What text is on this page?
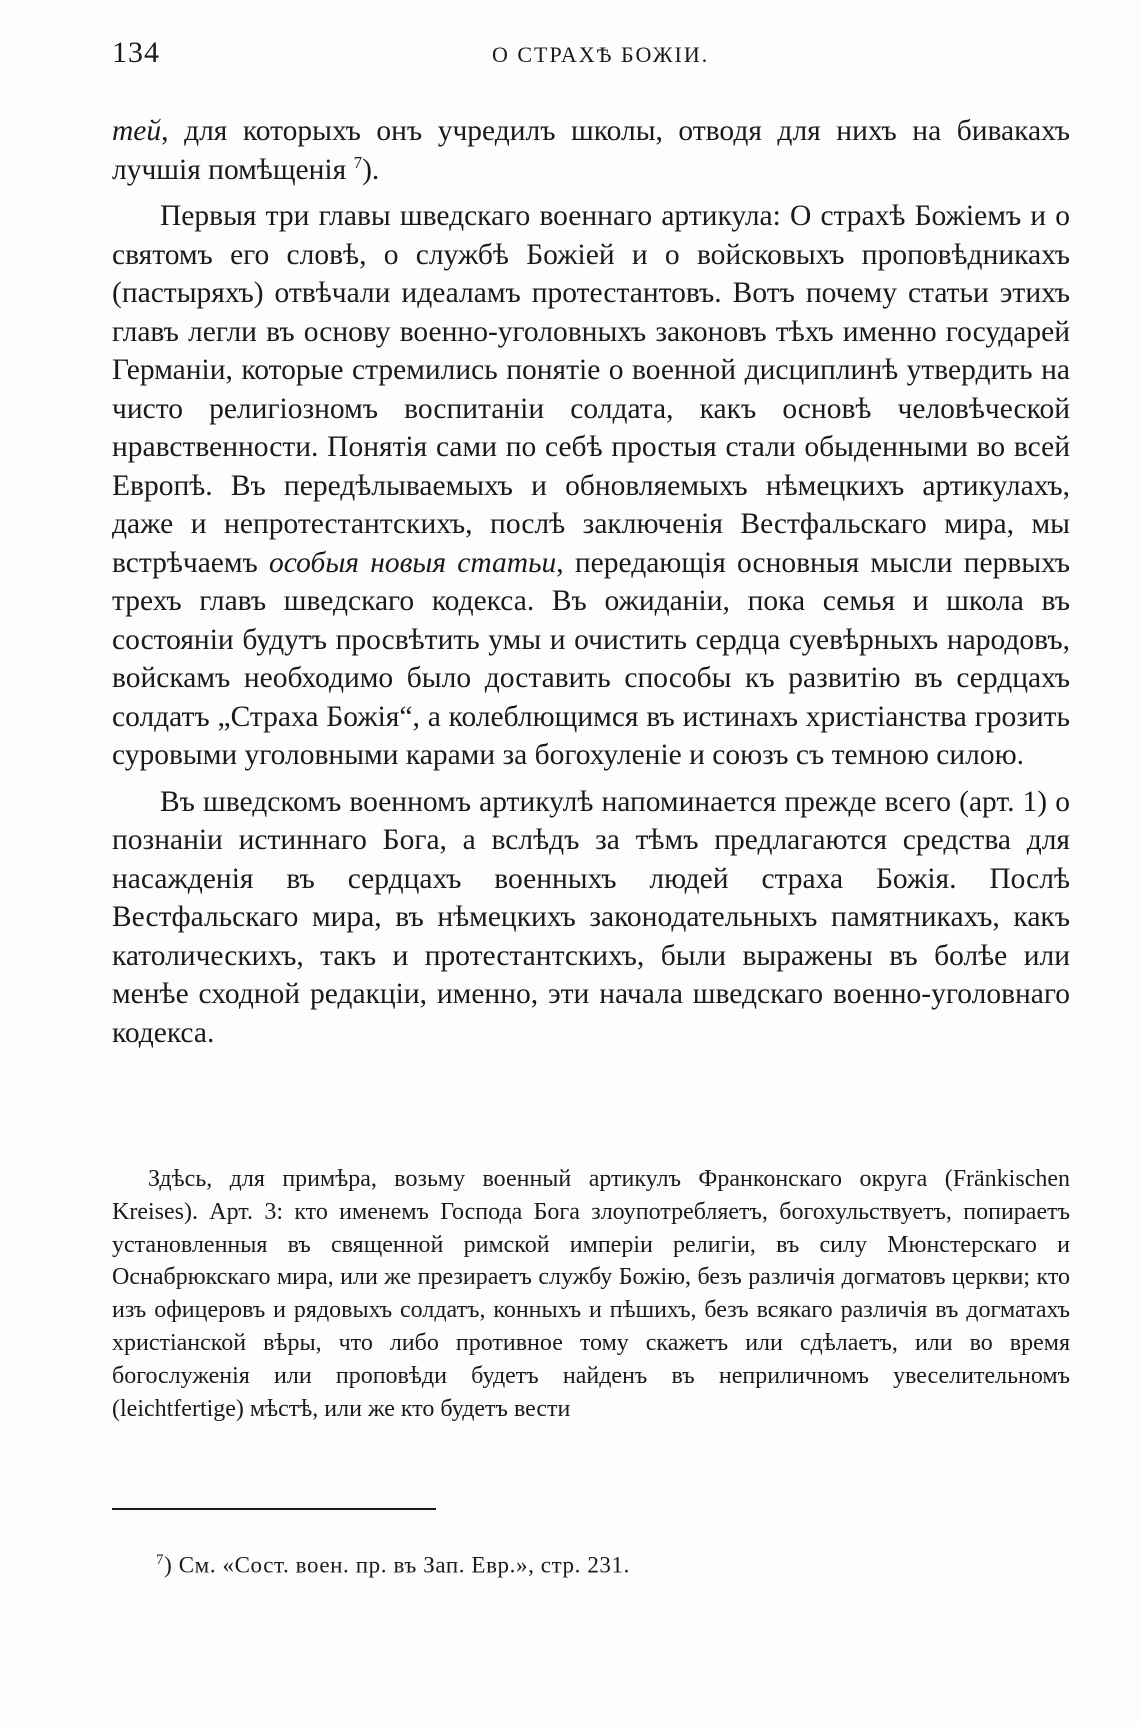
134	О СТРАХѢ БОЖІИ.

тей, для которыхъ онъ учредилъ школы, отводя для нихъ на бивакахъ лучшія помѣщенія $^7$).

Первыя три главы шведскаго военнаго артикула: О страхѣ Божіемъ и о святомъ его словѣ, о службѣ Божіей и о войсковыхъ проповѣдникахъ (пастыряхъ) отвѣчали идеаламъ протестантовъ. Вотъ почему статьи этихъ главъ легли въ основу военно-уголовныхъ законовъ тѣхъ именно государей Германіи, которые стремились понятіе о военной дисциплинѣ утвердить на чисто религіозномъ воспитаніи солдата, какъ основѣ человѣческой нравственности. Понятія сами по себѣ простыя стали обыденными во всей Европѣ. Въ передѣлываемыхъ и обновляемыхъ нѣмецкихъ артикулахъ, даже и непротестантскихъ, послѣ заключенія Вестфальскаго мира, мы встрѣчаемъ особыя новыя статьи, передающія основныя мысли первыхъ трехъ главъ шведскаго кодекса. Въ ожиданіи, пока семья и школа въ состояніи будутъ просвѣтить умы и очистить сердца суевѣрныхъ народовъ, войскамъ необходимо было доставить способы къ развитію въ сердцахъ солдатъ „Страха Божія“, а колеблющимся въ истинахъ христіанства грозить суровыми уголовными карами за богохуленіе и союзъ съ темною силою.

Въ шведскомъ военномъ артикулѣ напоминается прежде всего (арт. 1) о познаніи истиннаго Бога, а вслѣдъ за тѣмъ предлагаются средства для насажденія въ сердцахъ военныхъ людей страха Божія. Послѣ Вестфальскаго мира, въ нѣмецкихъ законодательныхъ памятникахъ, какъ католическихъ, такъ и протестантскихъ, были выражены въ болѣе или менѣе сходной редакціи, именно, эти начала шведскаго военно-уголовнаго кодекса.

Здѣсь, для примѣра, возьму военный артикулъ Франконскаго округа (Fränkischen Kreises). Арт. 3: кто именемъ Господа Бога злоупотребляетъ, богохульствуетъ, попираетъ установленныя въ священной римской имперіи религіи, въ силу Мюнстерскаго и Оснабрюкскаго мира, или же презираетъ службу Божію, безъ различія догматовъ церкви; кто изъ офицеровъ и рядовыхъ солдатъ, конныхъ и пѣшихъ, безъ всякаго различія въ догматахъ христіанской вѣры, что либо противное тому скажетъ или сдѣлаетъ, или во время богослуженія или проповѣди будетъ найденъ въ неприличномъ увеселительномъ (leichtfertige) мѣстѣ, или же кто будетъ вести

$^7$) См. «Сост. воен. пр. въ Зап. Евр.», стр. 231.
